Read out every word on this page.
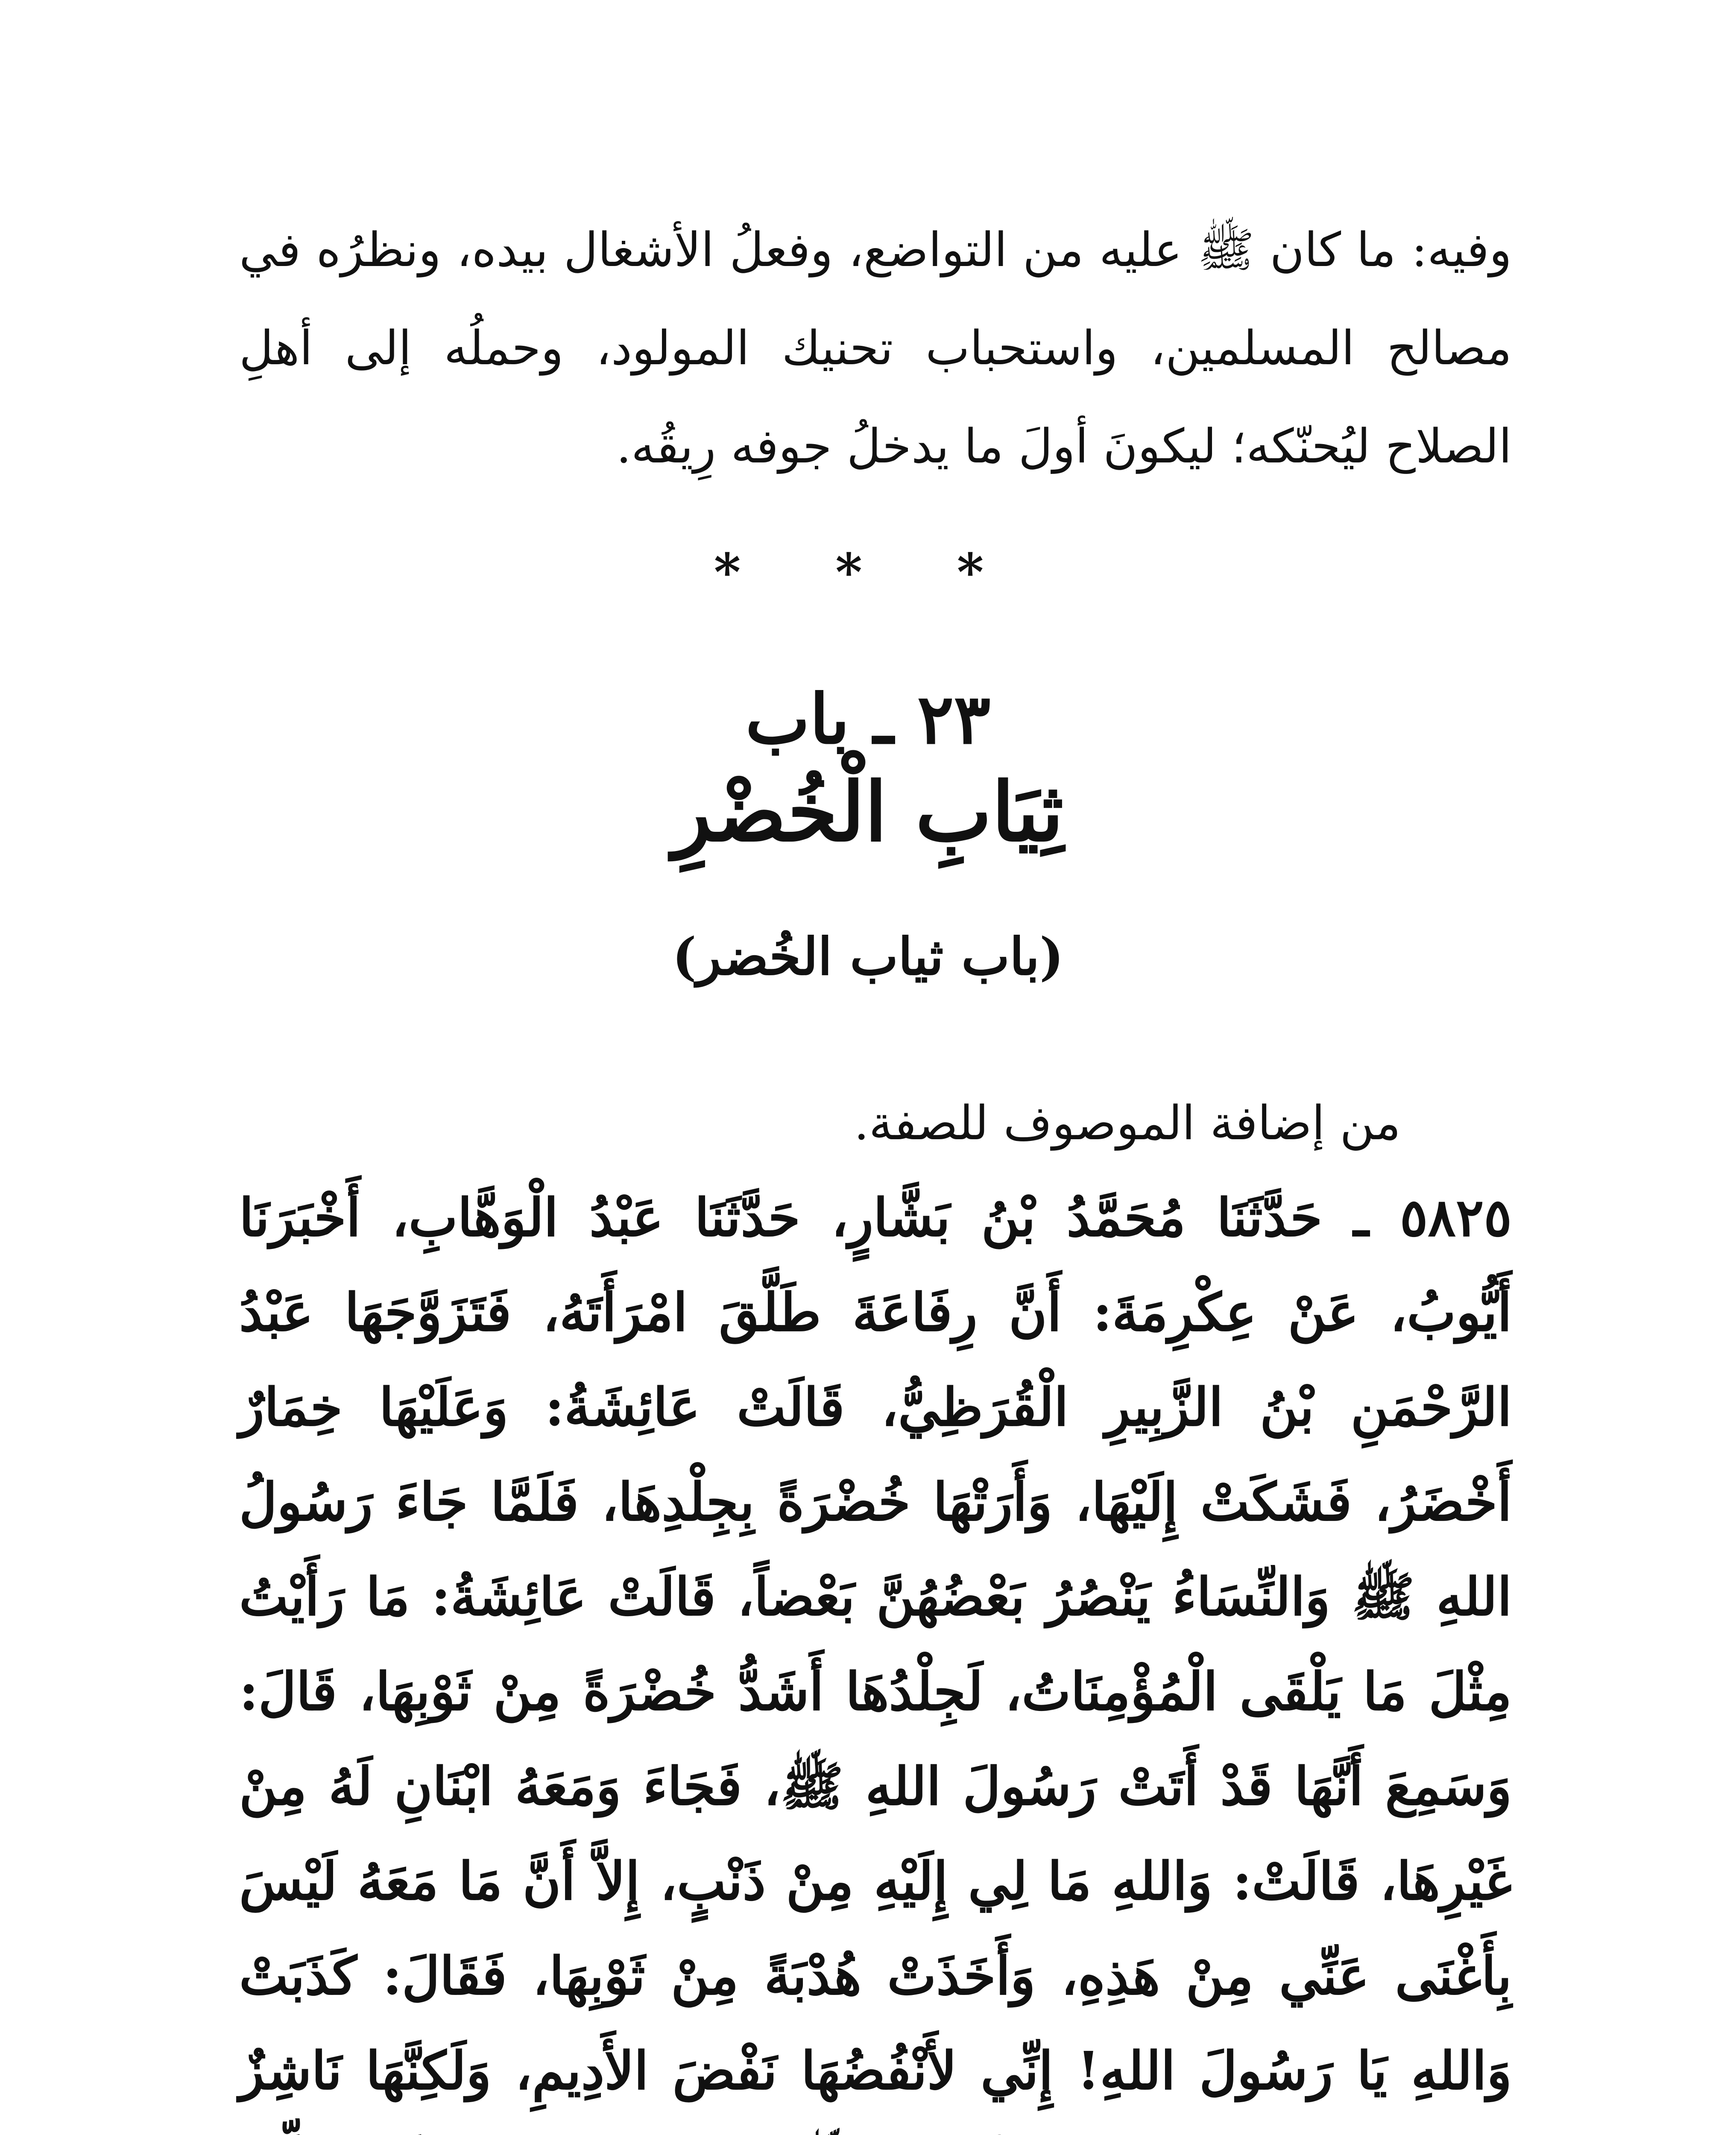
وفيه: ما كان ﷺ عليه من التواضع، وفعلُ الأشغال بيده، ونظرُه في مصالح المسلمين، واستحباب تحنيك المولود، وحملُه إلى أهلِ الصلاح ليُحنّكه؛ ليكونَ أولَ ما يدخلُ جوفه رِيقُه.

* * *
٢٣ ـ باب
ثِيَابِ الْخُضْرِ
(باب ثياب الخُضر)

من إضافة الموصوف للصفة.

٥٨٢٥ ـ حَدَّثَنَا مُحَمَّدُ بْنُ بَشَّارٍ، حَدَّثَنَا عَبْدُ الْوَهَّابِ، أَخْبَرَنَا أَيُّوبُ، عَنْ عِكْرِمَةَ: أَنَّ رِفَاعَةَ طَلَّقَ امْرَأَتَهُ، فَتَزَوَّجَهَا عَبْدُ الرَّحْمَنِ بْنُ الزَّبِيرِ الْقُرَظِيُّ، قَالَتْ عَائِشَةُ: وَعَلَيْهَا خِمَارٌ أَخْضَرُ، فَشَكَتْ إِلَيْهَا، وَأَرَتْهَا خُضْرَةً بِجِلْدِهَا، فَلَمَّا جَاءَ رَسُولُ اللهِ ﷺ وَالنِّسَاءُ يَنْصُرُ بَعْضُهُنَّ بَعْضاً، قَالَتْ عَائِشَةُ: مَا رَأَيْتُ مِثْلَ مَا يَلْقَى الْمُؤْمِنَاتُ، لَجِلْدُهَا أَشَدُّ خُضْرَةً مِنْ ثَوْبِهَا، قَالَ: وَسَمِعَ أَنَّهَا قَدْ أَتَتْ رَسُولَ اللهِ ﷺ، فَجَاءَ وَمَعَهُ ابْنَانِ لَهُ مِنْ غَيْرِهَا، قَالَتْ: وَاللهِ مَا لِي إِلَيْهِ مِنْ ذَنْبٍ، إِلاَّ أَنَّ مَا مَعَهُ لَيْسَ بِأَغْنَى عَنِّي مِنْ هَذِهِ، وَأَخَذَتْ هُدْبَةً مِنْ ثَوْبِهَا، فَقَالَ: كَذَبَتْ وَاللهِ يَا رَسُولَ اللهِ! إِنِّي لأَنْفُضُهَا نَفْضَ الأَدِيمِ، وَلَكِنَّهَا نَاشِزٌ
